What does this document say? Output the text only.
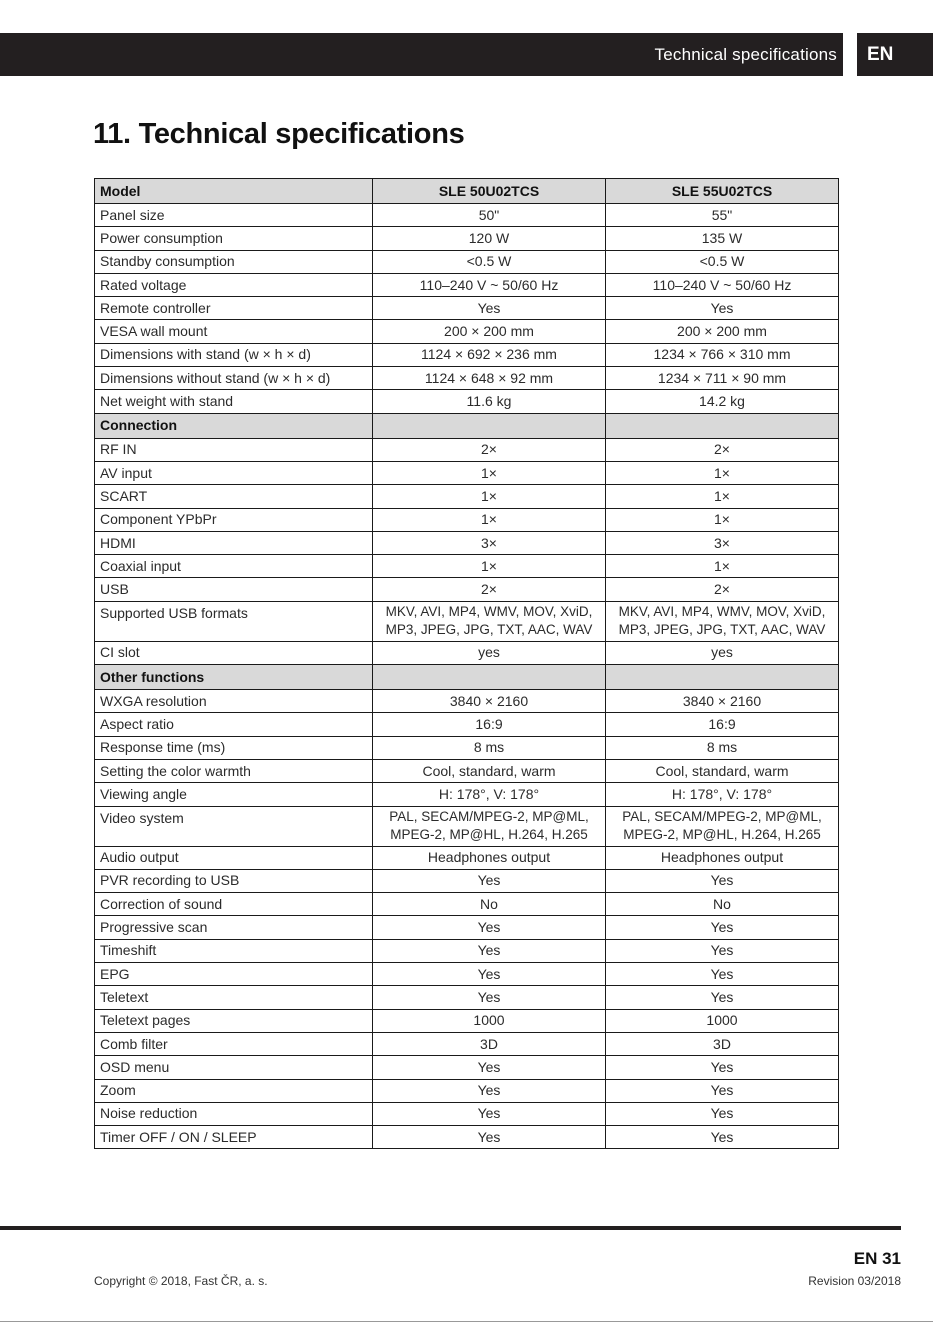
Technical specifications	EN
11. Technical specifications
Model	SLE 50U02TCS	SLE 55U02TCS
Panel size	50"	55"
Power consumption	120 W	135 W
Standby consumption	<0.5 W	<0.5 W
Rated voltage	110–240 V ~ 50/60 Hz	110–240 V ~ 50/60 Hz
Remote controller	Yes	Yes
VESA wall mount	200 × 200 mm	200 × 200 mm
Dimensions with stand (w × h × d)	1124 × 692 × 236 mm	1234 × 766 × 310 mm
Dimensions without stand (w × h × d)	1124 × 648 × 92 mm	1234 × 711 × 90 mm
Net weight with stand	11.6 kg	14.2 kg
Connection		
RF IN	2×	2×
AV input	1×	1×
SCART	1×	1×
Component YPbPr	1×	1×
HDMI	3×	3×
Coaxial input	1×	1×
USB	2×	2×
Supported USB formats	MKV, AVI, MP4, WMV, MOV, XviD, MP3, JPEG, JPG, TXT, AAC, WAV	MKV, AVI, MP4, WMV, MOV, XviD, MP3, JPEG, JPG, TXT, AAC, WAV
CI slot	yes	yes
Other functions		
WXGA resolution	3840 × 2160	3840 × 2160
Aspect ratio	16:9	16:9
Response time (ms)	8 ms	8 ms
Setting the color warmth	Cool, standard, warm	Cool, standard, warm
Viewing angle	H: 178°, V: 178°	H: 178°, V: 178°
Video system	PAL, SECAM/MPEG-2, MP@ML, MPEG-2, MP@HL, H.264, H.265	PAL, SECAM/MPEG-2, MP@ML, MPEG-2, MP@HL, H.264, H.265
Audio output	Headphones output	Headphones output
PVR recording to USB	Yes	Yes
Correction of sound	No	No
Progressive scan	Yes	Yes
Timeshift	Yes	Yes
EPG	Yes	Yes
Teletext	Yes	Yes
Teletext pages	1000	1000
Comb filter	3D	3D
OSD menu	Yes	Yes
Zoom	Yes	Yes
Noise reduction	Yes	Yes
Timer OFF / ON / SLEEP	Yes	Yes
EN 31
Copyright © 2018, Fast ČR, a. s.	Revision 03/2018
